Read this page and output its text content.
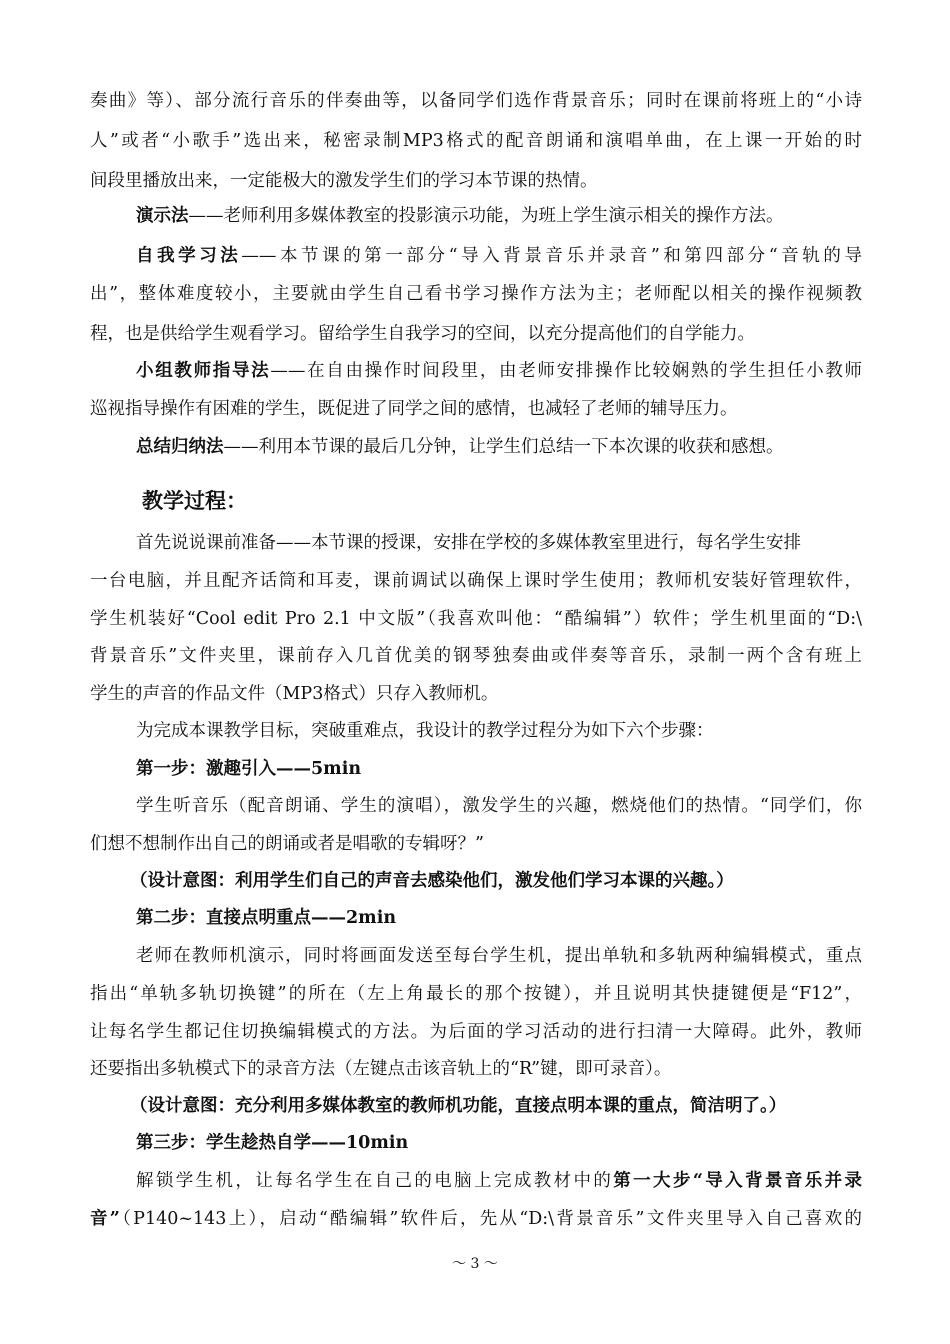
奏曲》等）、部分流行音乐的伴奏曲等，以备同学们选作背景音乐；同时在课前将班上的“小诗
人”或者“小歌手”选出来，秘密录制MP3格式的配音朗诵和演唱单曲，在上课一开始的时
间段里播放出来，一定能极大的激发学生们的学习本节课的热情。
演示法——老师利用多媒体教室的投影演示功能，为班上学生演示相关的操作方法。
自我学习法——本节课的第一部分“导入背景音乐并录音”和第四部分“音轨的导
出”，整体难度较小，主要就由学生自己看书学习操作方法为主；老师配以相关的操作视频教
程，也是供给学生观看学习。留给学生自我学习的空间，以充分提高他们的自学能力。
小组教师指导法——在自由操作时间段里，由老师安排操作比较娴熟的学生担任小教师
巡视指导操作有困难的学生，既促进了同学之间的感情，也减轻了老师的辅导压力。
总结归纳法——利用本节课的最后几分钟，让学生们总结一下本次课的收获和感想。
教学过程：
首先说说课前准备——本节课的授课，安排在学校的多媒体教室里进行，每名学生安排
一台电脑，并且配齐话筒和耳麦，课前调试以确保上课时学生使用；教师机安装好管理软件，
学生机装好“Cool edit Pro 2.1 中文版”（我喜欢叫他：“酷编辑”）软件；学生机里面的“D:\
背景音乐”文件夹里，课前存入几首优美的钢琴独奏曲或伴奏等音乐，录制一两个含有班上
学生的声音的作品文件（MP3格式）只存入教师机。
为完成本课教学目标，突破重难点，我设计的教学过程分为如下六个步骤：
第一步：激趣引入——5min
学生听音乐（配音朗诵、学生的演唱），激发学生的兴趣，燃烧他们的热情。“同学们，你
们想不想制作出自己的朗诵或者是唱歌的专辑呀？”
（设计意图：利用学生们自己的声音去感染他们，激发他们学习本课的兴趣。）
第二步：直接点明重点——2min
老师在教师机演示，同时将画面发送至每台学生机，提出单轨和多轨两种编辑模式，重点
指出“单轨多轨切换键”的所在（左上角最长的那个按键），并且说明其快捷键便是“F12”，
让每名学生都记住切换编辑模式的方法。为后面的学习活动的进行扫清一大障碍。此外，教师
还要指出多轨模式下的录音方法（左键点击该音轨上的“R”键，即可录音）。
（设计意图：充分利用多媒体教室的教师机功能，直接点明本课的重点，简洁明了。）
第三步：学生趁热自学——10min
解锁学生机，让每名学生在自己的电脑上完成教材中的第一大步“导入背景音乐并录
音”（P140~143上），启动“酷编辑”软件后，先从“D:\背景音乐”文件夹里导入自己喜欢的
～ 3 ～
